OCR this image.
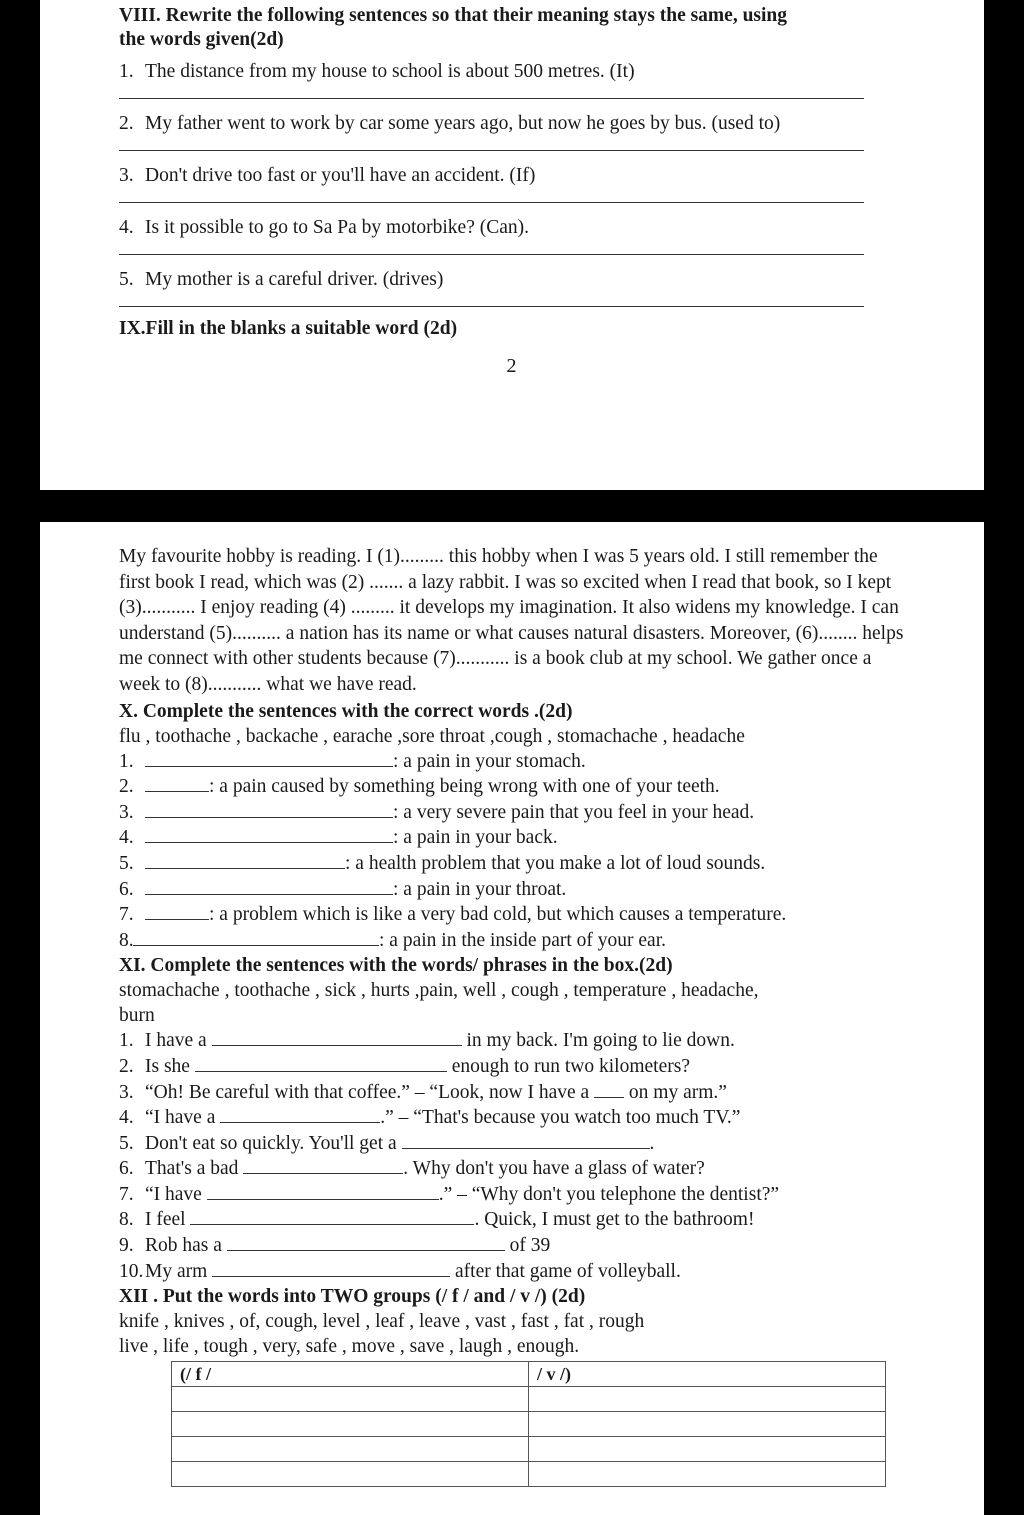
VIII. Rewrite the following sentences so that their meaning stays the same, using
the words given(2d)
1. The distance from my house to school is about 500 metres. (It)
2. My father went to work by car some years ago, but now he goes by bus. (used to)
3. Don't drive too fast or you'll have an accident. (If)
4. Is it possible to go to Sa Pa by motorbike? (Can).
5. My mother is a careful driver. (drives)
IX.Fill in the blanks a suitable word (2d)
2
My favourite hobby is reading. I (1)......... this hobby when I was 5 years old. I still remember the first book I read, which was (2) ....... a lazy rabbit. I was so excited when I read that book, so I kept (3)........... I enjoy reading (4) ......... it develops my imagination. It also widens my knowledge. I can understand (5).......... a nation has its name or what causes natural disasters. Moreover, (6)........ helps me connect with other students because (7)........... is a book club at my school. We gather once a week to (8)........... what we have read.
X. Complete the sentences with the correct words .(2d)
flu , toothache , backache , earache ,sore throat ,cough , stomachache , headache
1.	: a pain in your stomach.
2.	: a pain caused by something being wrong with one of your teeth.
3.	: a very severe pain that you feel in your head.
4.	: a pain in your back.
5.	: a health problem that you make a lot of loud sounds.
6.	: a pain in your throat.
7.	: a problem which is like a very bad cold, but which causes a temperature.
8.	: a pain in the inside part of your ear.
XI. Complete the sentences with the words/ phrases in the box.(2d)
stomachache , toothache , sick , hurts ,pain, well , cough , temperature , headache,
burn
1. I have a	in my back. I'm going to lie down.
2. Is she	enough to run two kilometers?
3. “Oh! Be careful with that coffee.” – “Look, now I have a on my arm.”
4. “I have a	.” – “That's because you watch too much TV.”
5. Don't eat so quickly. You'll get a	.
6. That's a bad	. Why don't you have a glass of water?
7. “I have	.” – “Why don't you telephone the dentist?”
8. I feel	. Quick, I must get to the bathroom!
9. Rob has a	of 39
10.My arm	after that game of volleyball.
XII . Put the words into TWO groups (/ f / and / v /) (2d)
knife , knives , of, cough, level , leaf , leave , vast , fast , fat , rough
live , life , tough , very, safe , move , save , laugh , enough.
(/ f /	/ v /)
